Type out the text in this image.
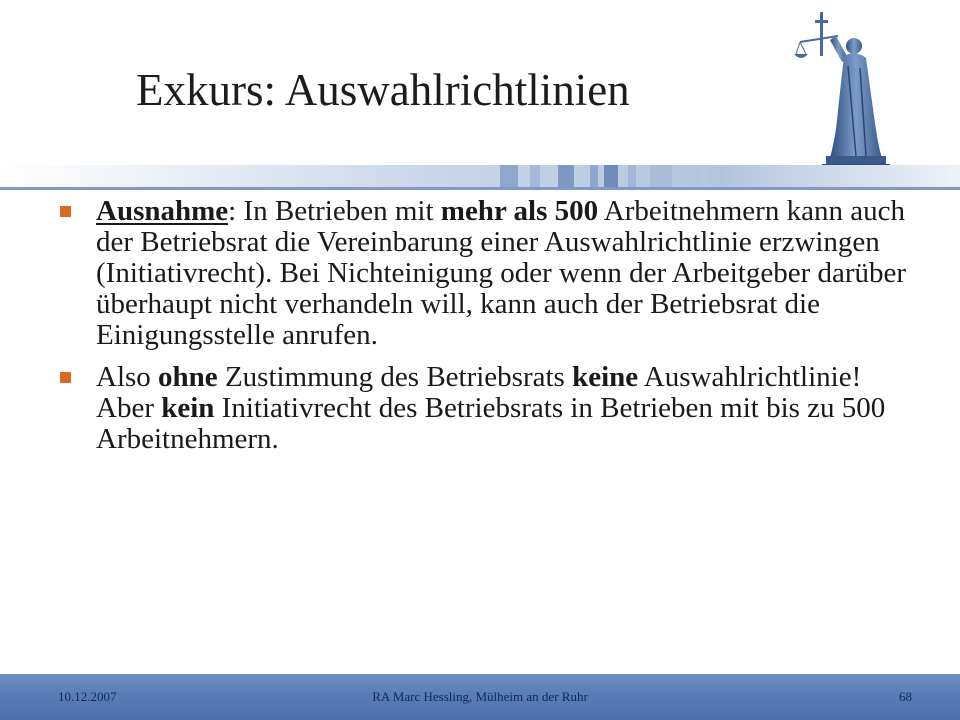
Exkurs: Auswahlrichtlinien
Ausnahme: In Betrieben mit mehr als 500 Arbeitnehmern kann auch der Betriebsrat die Vereinbarung einer Auswahlrichtlinie erzwingen (Initiativrecht). Bei Nichteinigung oder wenn der Arbeitgeber darüber überhaupt nicht verhandeln will, kann auch der Betriebsrat die Einigungsstelle anrufen.
Also ohne Zustimmung des Betriebsrats keine Auswahlrichtlinie! Aber kein Initiativrecht des Betriebsrats in Betrieben mit bis zu 500 Arbeitnehmern.
RA Marc Hessling, Mülheim an der Ruhr
10.12.2007	68
